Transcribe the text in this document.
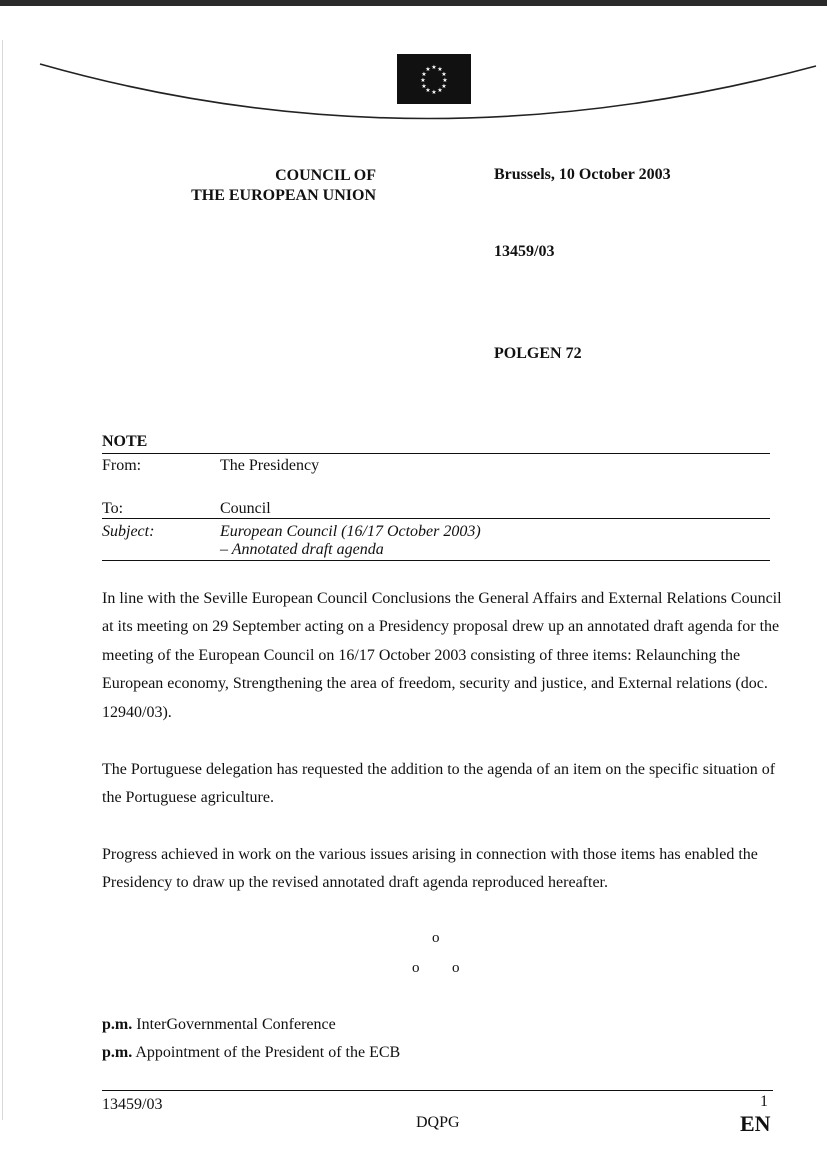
★ ★
★
★
★
★
★
★
★
★
★
★
COUNCIL OF
THE EUROPEAN UNION
Brussels, 10 October 2003
13459/03
POLGEN 72
NOTE
From:	The Presidency
To:	Council
Subject:	European Council (16/17 October 2003)
– Annotated draft agenda

In line with the Seville European Council Conclusions the General Affairs and External Relations Council at its meeting on 29 September acting on a Presidency proposal drew up an annotated draft agenda for the meeting of the European Council on 16/17 October 2003 consisting of three items: Relaunching the European economy, Strengthening the area of freedom, security and justice, and External relations (doc. 12940/03).

The Portuguese delegation has requested the addition to the agenda of an item on the specific situation of the Portuguese agriculture.

Progress achieved in work on the various issues arising in connection with those items has enabled the Presidency to draw up the revised annotated draft agenda reproduced hereafter.

o
o o
p.m. InterGovernmental Conference
p.m. Appointment of the President of the ECB
13459/03
DQPG
1
EN
